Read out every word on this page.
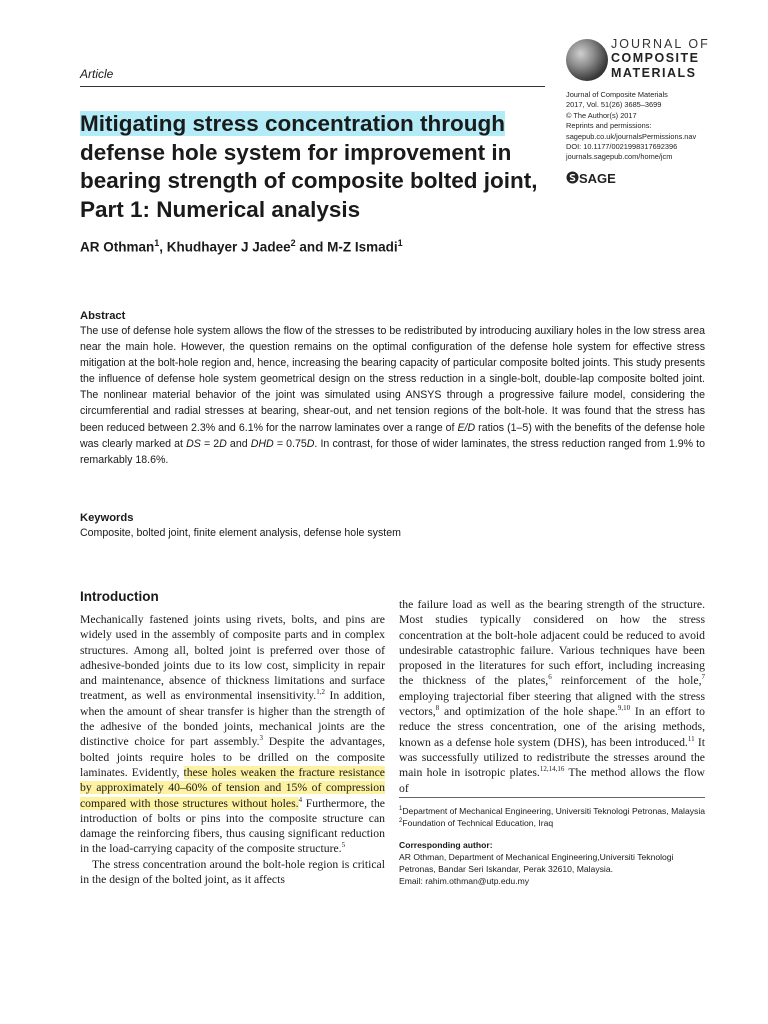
Article
JOURNAL OF
COMPOSITE
MATERIALS
Journal of Composite Materials
2017, Vol. 51(26) 3685–3699
© The Author(s) 2017
Reprints and permissions:
sagepub.co.uk/journalsPermissions.nav
DOI: 10.1177/0021998317692396
journals.sagepub.com/home/jcm
SAGE
Mitigating stress concentration through defense hole system for improvement in bearing strength of composite bolted joint, Part 1: Numerical analysis
AR Othman$^1$, Khudhayer J Jadee$^2$ and M-Z Ismadi$^1$
Abstract

The use of defense hole system allows the flow of the stresses to be redistributed by introducing auxiliary holes in the low stress area near the main hole. However, the question remains on the optimal configuration of the defense hole system for effective stress mitigation at the bolt-hole region and, hence, increasing the bearing capacity of particular composite bolted joints. This study presents the influence of defense hole system geometrical design on the stress reduction in a single-bolt, double-lap composite bolted joint. The nonlinear material behavior of the joint was simulated using ANSYS through a progressive failure model, considering the circumferential and radial stresses at bearing, shear-out, and net tension regions of the bolt-hole. It was found that the stress has been reduced between 2.3% and 6.1% for the narrow laminates over a range of E/D ratios (1–5) with the benefits of the defense hole was clearly marked at DS = 2D and DHD = 0.75D. In contrast, for those of wider laminates, the stress reduction ranged from 1.9% to remarkably 18.6%.

Keywords
Composite, bolted joint, finite element analysis, defense hole system
Introduction
Mechanically fastened joints using rivets, bolts, and pins are widely used in the assembly of composite parts and in complex structures. Among all, bolted joint is preferred over those of adhesive-bonded joints due to its low cost, simplicity in repair and maintenance, absence of thickness limitations and surface treatment, as well as environmental insensitivity.$^{1,2}$ In addition, when the amount of shear transfer is higher than the strength of the adhesive of the bonded joints, mechanical joints are the distinctive choice for part assembly.$^3$ Despite the advantages, bolted joints require holes to be drilled on the composite laminates. Evidently, these holes weaken the fracture resistance by approximately 40–60% of tension and 15% of compression compared with those structures without holes.$^4$ Furthermore, the introduction of bolts or pins into the composite structure can damage the reinforcing fibers, thus causing significant reduction in the load-carrying capacity of the composite structure.$^5$
The stress concentration around the bolt-hole region is critical in the design of the bolted joint, as it affects
the failure load as well as the bearing strength of the structure. Most studies typically considered on how the stress concentration at the bolt-hole adjacent could be reduced to avoid undesirable catastrophic failure. Various techniques have been proposed in the literatures for such effort, including increasing the thickness of the plates,$^6$ reinforcement of the hole,$^7$ employing trajectorial fiber steering that aligned with the stress vectors,$^8$ and optimization of the hole shape.$^{9,10}$ In an effort to reduce the stress concentration, one of the arising methods, known as a defense hole system (DHS), has been introduced.$^{11}$ It was successfully utilized to redistribute the stresses around the main hole in isotropic plates.$^{12,14,16}$ The method allows the flow of

$^1$Department of Mechanical Engineering, Universiti Teknologi Petronas, Malaysia

$^2$Foundation of Technical Education, Iraq

Corresponding author:

AR Othman, Department of Mechanical Engineering,Universiti Teknologi Petronas, Bandar Seri Iskandar, Perak 32610, Malaysia.

Email: rahim.othman@utp.edu.my
